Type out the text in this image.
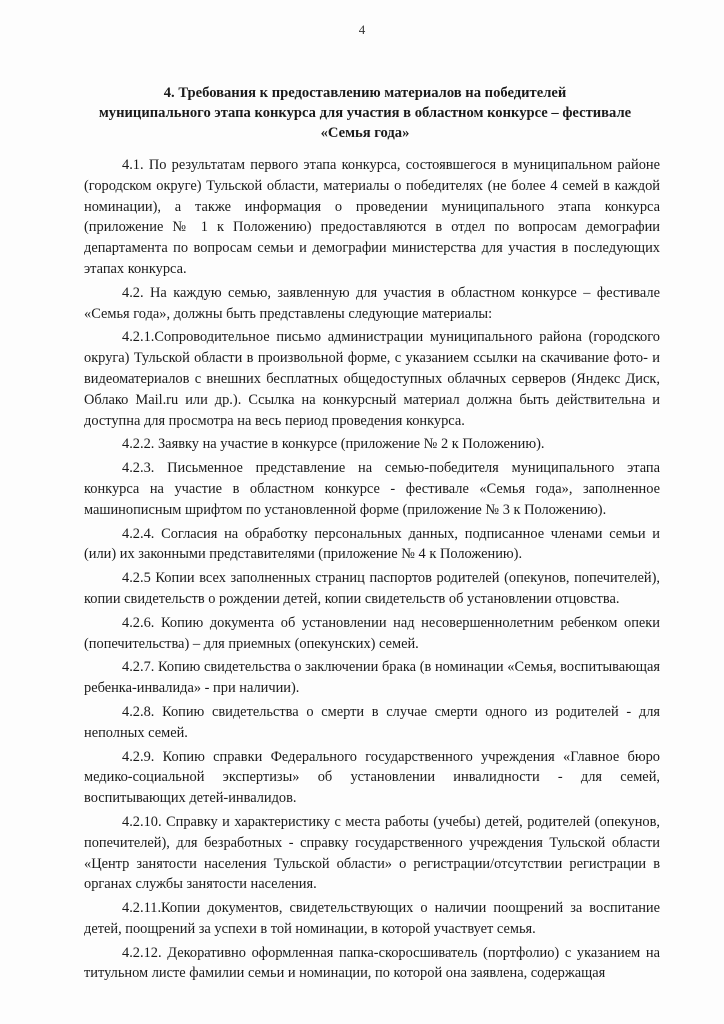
4
4. Требования к предоставлению материалов на победителей
муниципального этапа конкурса для участия в областном конкурсе – фестивале
«Семья года»

4.1. По результатам первого этапа конкурса, состоявшегося в муниципальном районе (городском округе) Тульской области, материалы о победителях (не более 4 семей в каждой номинации), а также информация о проведении муниципального этапа конкурса (приложение № 1 к Положению) предоставляются в отдел по вопросам демографии департамента по вопросам семьи и демографии министерства для участия в последующих этапах конкурса.

4.2. На каждую семью, заявленную для участия в областном конкурсе – фестивале «Семья года», должны быть представлены следующие материалы:

4.2.1.Сопроводительное письмо администрации муниципального района (городского округа) Тульской области в произвольной форме, с указанием ссылки на скачивание фото- и видеоматериалов с внешних бесплатных общедоступных облачных серверов (Яндекс Диск, Облако Mail.ru или др.). Ссылка на конкурсный материал должна быть действительна и доступна для просмотра на весь период проведения конкурса.

4.2.2. Заявку на участие в конкурсе (приложение № 2 к Положению).

4.2.3. Письменное представление на семью-победителя муниципального этапа конкурса на участие в областном конкурсе - фестивале «Семья года», заполненное машинописным шрифтом по установленной форме (приложение № 3 к Положению).

4.2.4. Согласия на обработку персональных данных, подписанное членами семьи и (или) их законными представителями (приложение № 4 к Положению).

4.2.5 Копии всех заполненных страниц паспортов родителей (опекунов, попечителей), копии свидетельств о рождении детей, копии свидетельств об установлении отцовства.

4.2.6. Копию документа об установлении над несовершеннолетним ребенком опеки (попечительства) – для приемных (опекунских) семей.

4.2.7. Копию свидетельства о заключении брака (в номинации «Семья, воспитывающая ребенка-инвалида» - при наличии).

4.2.8. Копию свидетельства о смерти в случае смерти одного из родителей - для неполных семей.

4.2.9. Копию справки Федерального государственного учреждения «Главное бюро медико-социальной экспертизы» об установлении инвалидности - для семей, воспитывающих детей-инвалидов.

4.2.10. Справку и характеристику с места работы (учебы) детей, родителей (опекунов, попечителей), для безработных - справку государственного учреждения Тульской области «Центр занятости населения Тульской области» о регистрации/отсутствии регистрации в органах службы занятости населения.

4.2.11.Копии документов, свидетельствующих о наличии поощрений за воспитание детей, поощрений за успехи в той номинации, в которой участвует семья.

4.2.12. Декоративно оформленная папка-скоросшиватель (портфолио) с указанием на титульном листе фамилии семьи и номинации, по которой она заявлена, содержащая
